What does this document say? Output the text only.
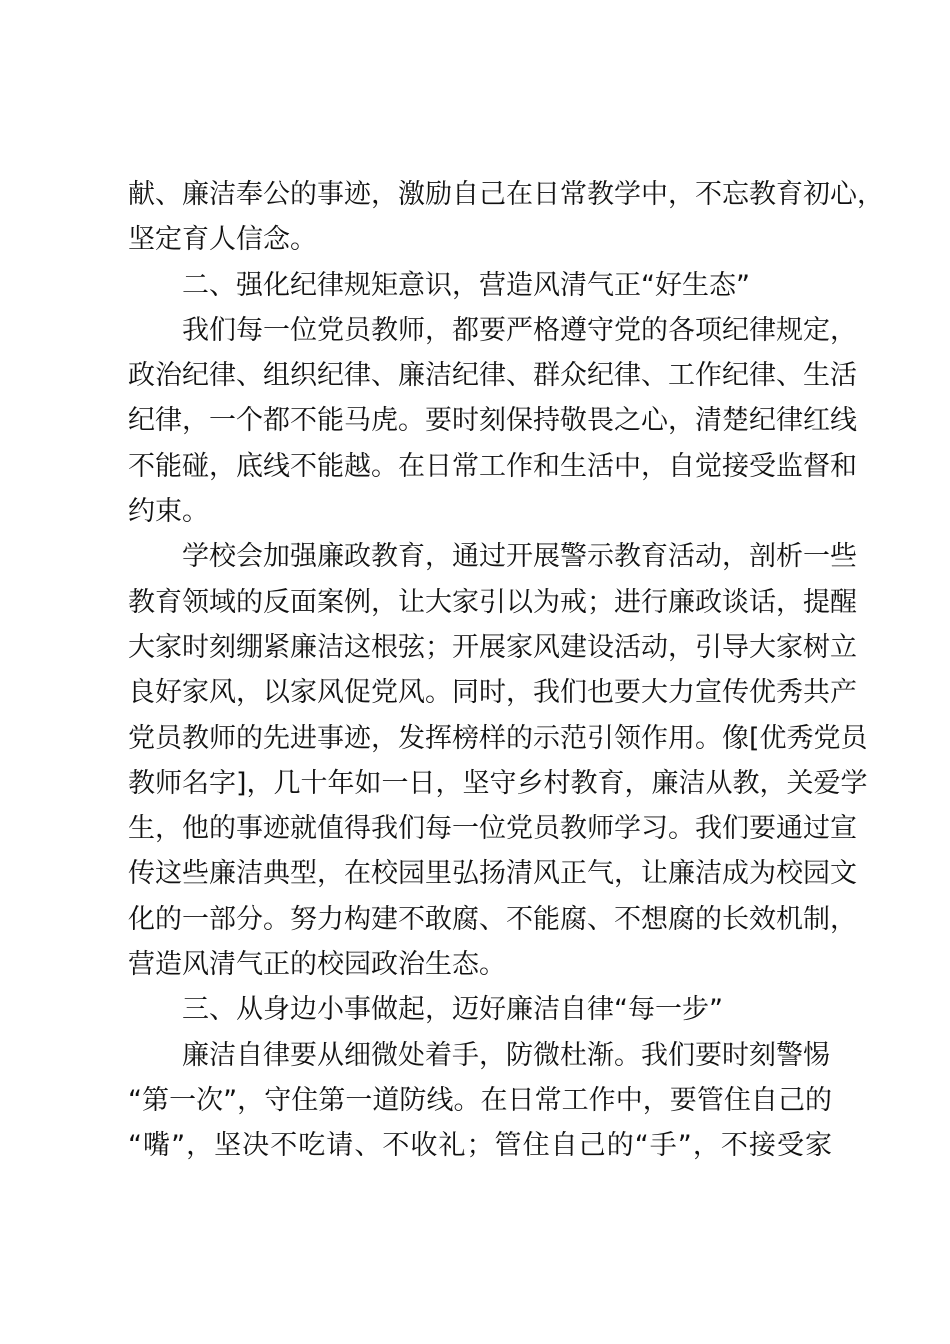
献、廉洁奉公的事迹，激励自己在日常教学中，不忘教育初心，
坚定育人信念。
二、强化纪律规矩意识，营造风清气正“好生态”
我们每一位党员教师，都要严格遵守党的各项纪律规定，
政治纪律、组织纪律、廉洁纪律、群众纪律、工作纪律、生活
纪律，一个都不能马虎。要时刻保持敬畏之心，清楚纪律红线
不能碰，底线不能越。在日常工作和生活中，自觉接受监督和
约束。
学校会加强廉政教育，通过开展警示教育活动，剖析一些
教育领域的反面案例，让大家引以为戒；进行廉政谈话，提醒
大家时刻绷紧廉洁这根弦；开展家风建设活动，引导大家树立
良好家风，以家风促党风。同时，我们也要大力宣传优秀共产
党员教师的先进事迹，发挥榜样的示范引领作用。像[优秀党员
教师名字]，几十年如一日，坚守乡村教育，廉洁从教，关爱学
生，他的事迹就值得我们每一位党员教师学习。我们要通过宣
传这些廉洁典型，在校园里弘扬清风正气，让廉洁成为校园文
化的一部分。努力构建不敢腐、不能腐、不想腐的长效机制，
营造风清气正的校园政治生态。
三、从身边小事做起，迈好廉洁自律“每一步”
廉洁自律要从细微处着手，防微杜渐。我们要时刻警惕
“第一次”，守住第一道防线。在日常工作中，要管住自己的
“嘴”，坚决不吃请、不收礼；管住自己的“手”，不接受家
